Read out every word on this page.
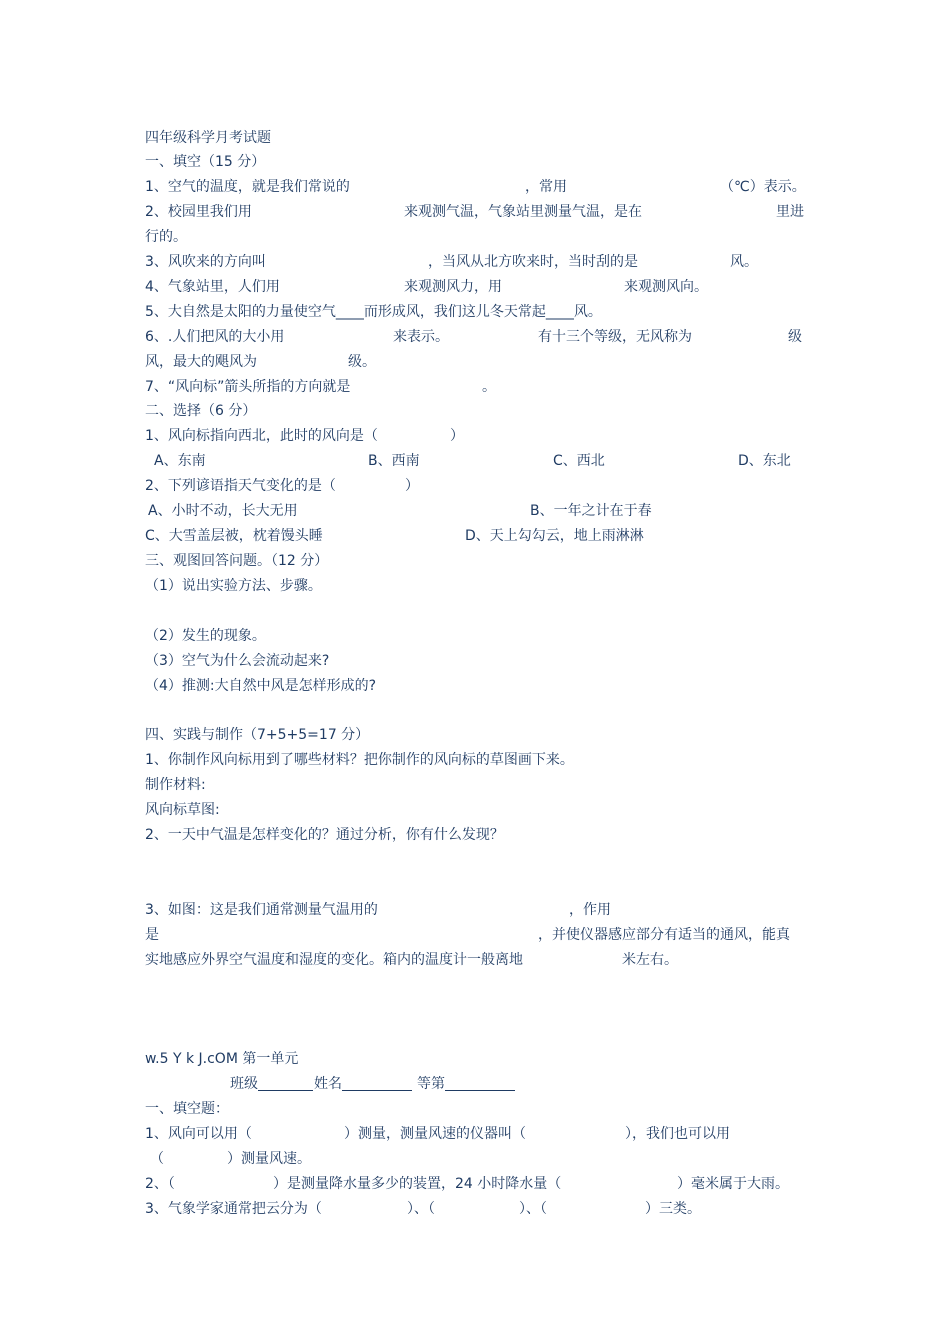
四年级科学月考试题
一、填空（15 分）
1、空气的温度，就是我们常说的	，常用	（℃）表示。
2、校园里我们用	来观测气温，气象站里测量气温，是在	里进
行的。
3、风吹来的方向叫	，当风从北方吹来时，当时刮的是	风。
4、气象站里，人们用	来观测风力，用	来观测风向。
5、大自然是太阳的力量使空气____而形成风，我们这儿冬天常起____风。
6、.人们把风的大小用	来表示。	有十三个等级，无风称为	级
风，最大的飓风为	级。
7、“风向标”箭头所指的方向就是	。
二、选择（6 分）
1、风向标指向西北，此时的风向是（	）
A、东南	B、西南	C、西北	D、东北
2、下列谚语指天气变化的是（	）
A、小时不动，长大无用	B、一年之计在于春
C、大雪盖层被，枕着馒头睡	D、天上勾勾云，地上雨淋淋
三、观图回答问题。（12 分）
（1）说出实验方法、步骤。
（2）发生的现象。
（3）空气为什么会流动起来?
（4）推测:大自然中风是怎样形成的?
四、实践与制作（7+5+5=17 分）
1、你制作风向标用到了哪些材料？把你制作的风向标的草图画下来。
制作材料:
风向标草图:
2、一天中气温是怎样变化的？通过分析，你有什么发现？
3、如图：这是我们通常测量气温用的	，作用
是	，并使仪器感应部分有适当的通风，能真
实地感应外界空气温度和湿度的变化。箱内的温度计一般离地	米左右。
w.5 Y k J.cOM 第一单元
班级	姓名	等第
一、填空题：
1、风向可以用（	）测量，测量风速的仪器叫（	），我们也可以用
（	）测量风速。
2、（	）是测量降水量多少的装置，24 小时降水量（	）毫米属于大雨。
3、气象学家通常把云分为（	）、（	）、（	）三类。
